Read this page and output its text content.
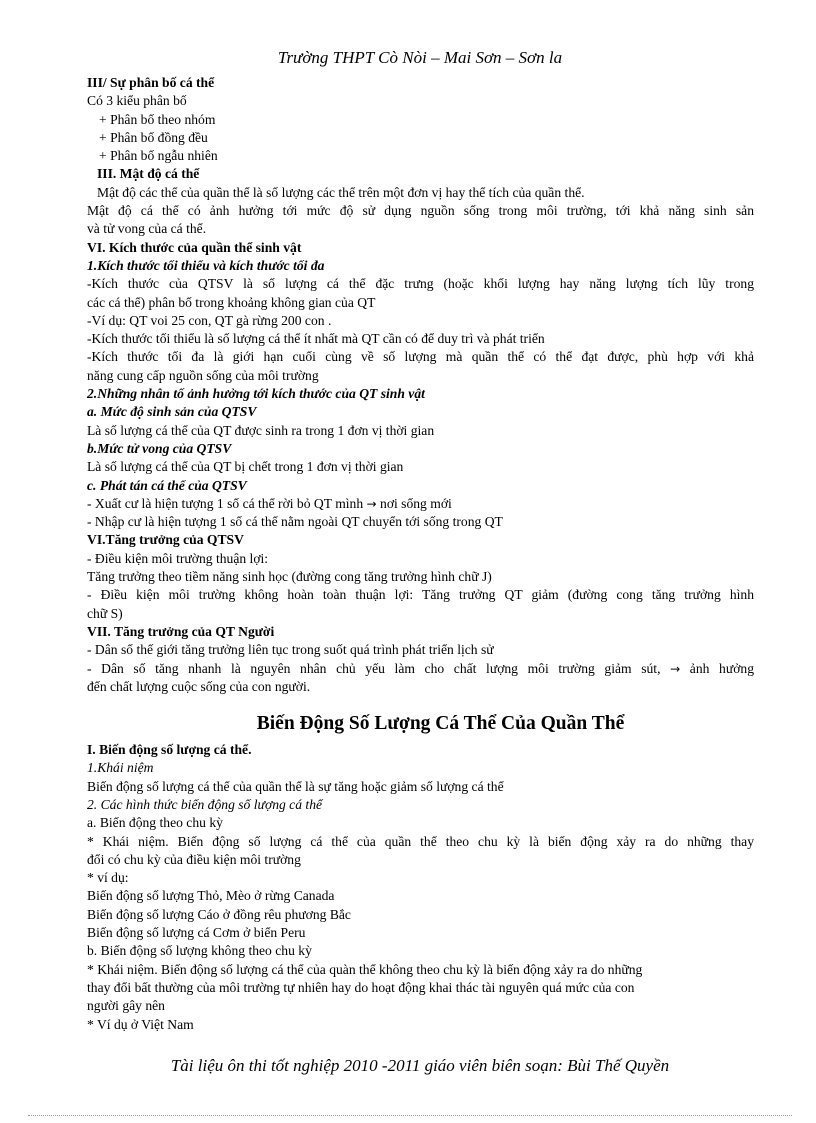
Trường THPT Cò Nòi – Mai Sơn – Sơn la
III/ Sự phân bố cá thể
Có 3 kiểu phân bố
+ Phân bố theo nhóm
+ Phân bố đồng đều
+ Phân bố ngẫu nhiên
III. Mật độ cá thể
Mật độ các thể của quần thể là số lượng các thể trên một đơn vị hay thể tích của quần thể.
Mật độ cá thể có ảnh hưởng tới mức độ sử dụng nguồn sống trong môi trường, tới khả năng sinh sản
và tử vong của cá thể.
VI. Kích thước của quần thể sinh vật
1.Kích thước tối thiểu và kích thước tối đa
-Kích thước của QTSV là số lượng cá thể đặc trưng (hoặc khối lượng hay năng lượng tích lũy trong
các cá thể) phân bố trong khoảng không gian của QT
-Ví dụ: QT voi 25 con, QT gà rừng 200 con .
-Kích thước tối thiểu là số lượng cá thể ít nhất mà QT cần có để duy trì và phát triển
-Kích thước tối đa là giới hạn cuối cùng về số lượng mà quần thể có thể đạt được, phù hợp với khả
năng cung cấp nguồn sống của môi trường
2.Những nhân tố ảnh hưởng tới kích thước của QT sinh vật
a. Mức độ sinh sản của QTSV
Là số lượng cá thể của QT được sinh ra trong 1 đơn vị thời gian
b.Mức tử vong của QTSV
Là số lượng cá thể của QT bị chết trong 1 đơn vị thời gian
c. Phát tán cá thể của QTSV
- Xuất cư là hiện tượng 1 số cá thể rời bỏ QT mình → nơi sống mới
- Nhập cư là hiện tượng 1 số cá thể nằm ngoài QT chuyển tới sống trong QT
VI.Tăng trưởng của QTSV
- Điều kiện môi trường thuận lợi:
Tăng trưởng theo tiềm năng sinh học (đường cong tăng trưởng hình chữ J)
- Điều kiện môi trường không hoàn toàn thuận lợi: Tăng trưởng QT giảm (đường cong tăng trưởng hình
chữ S)
VII. Tăng trưởng của QT Người
- Dân số thế giới tăng trưởng liên tục trong suốt quá trình phát triển lịch sử
- Dân số tăng nhanh là nguyên nhân chủ yếu làm cho chất lượng môi trường giảm sút, → ảnh hưởng
đến chất lượng cuộc sống của con người.
Biến Động Số Lượng Cá Thể Của Quần Thể
I. Biến động số lượng cá thể.
1.Khái niệm
Biến động số lượng cá thể của quần thể là sự tăng hoặc giảm số lượng cá thể
2. Các hình thức biến động số lượng cá thể
a. Biến động theo chu kỳ
* Khái niệm. Biến động số lượng cá thể của quần thể theo chu kỳ là biến động xảy ra do những thay
đổi có chu kỳ của điều kiện môi trường
* ví dụ:
Biến động số lượng Thỏ, Mèo ở rừng Canada
Biến động số lượng Cáo ở đồng rêu phương Bắc
Biến động số lượng cá Cơm ở biển Peru
b. Biến động số lượng không theo chu kỳ
* Khái niệm. Biến động số lượng cá thể của quàn thể không theo chu kỳ là biến động xảy ra do những
thay đổi bất thường của môi trường tự nhiên hay do hoạt động khai thác tài nguyên quá mức của con
người gây nên
* Ví dụ ở Việt Nam
Tài liệu ôn thi tốt nghiệp 2010 -2011 giáo viên biên soạn: Bùi Thế Quyền
